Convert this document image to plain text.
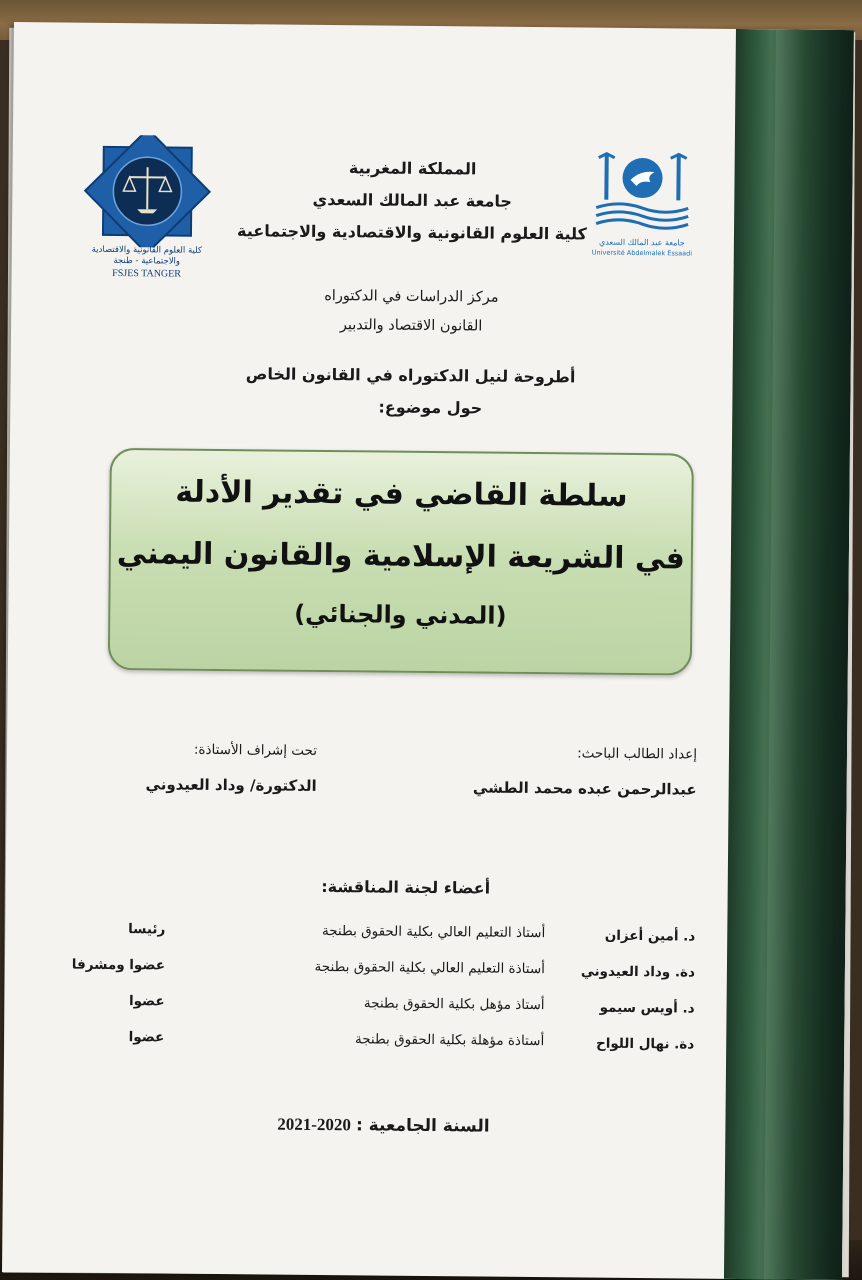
كلية العلوم القانونية والاقتصادية
والاجتماعية - طنجة
FSJES TANGER
جامعة عبد المالك السعدي
Université Abdelmalek Essaadi
المملكة المغربية
جامعة عبد المالك السعدي
كلية العلوم القانونية والاقتصادية والاجتماعية
مركز الدراسات في الدكتوراه
القانون الاقتصاد والتدبير
أطروحة لنيل الدكتوراه في القانون الخاص
حول موضوع:
سلطة القاضي في تقدير الأدلة
في الشريعة الإسلامية والقانون اليمني
(المدني والجنائي)
إعداد الطالب الباحث:
عبدالرحمن عبده محمد الطشي
تحت إشراف الأستاذة:
الدكتورة/ وداد العيدوني
أعضاء لجنة المناقشة:
د. أمين أعزان
أستاذ التعليم العالي بكلية الحقوق بطنجة
رئيسا
دة. وداد العيدوني
أستاذة التعليم العالي بكلية الحقوق بطنجة
عضوا ومشرفا
د. أويس سيمو
أستاذ مؤهل بكلية الحقوق بطنجة
عضوا
دة. نهال اللواح
أستاذة مؤهلة بكلية الحقوق بطنجة
عضوا
السنة الجامعية : 2021-2020
